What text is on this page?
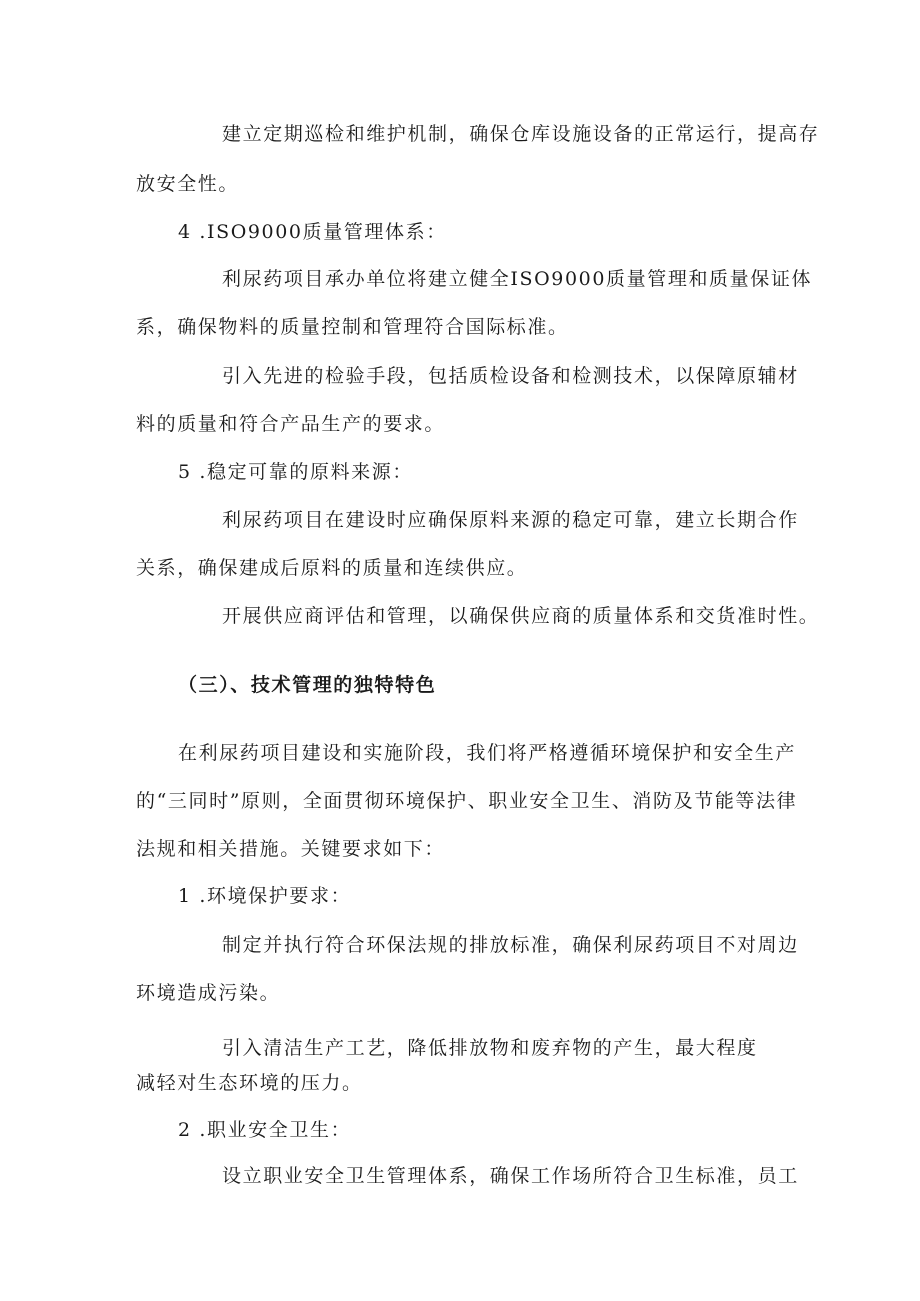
建立定期巡检和维护机制，确保仓库设施设备的正常运行，提高存
放安全性。
4 .ISO9000质量管理体系：
利尿药项目承办单位将建立健全ISO9000质量管理和质量保证体
系，确保物料的质量控制和管理符合国际标准。
引入先进的检验手段，包括质检设备和检测技术，以保障原辅材
料的质量和符合产品生产的要求。
5 .稳定可靠的原料来源：
利尿药项目在建设时应确保原料来源的稳定可靠，建立长期合作
关系，确保建成后原料的质量和连续供应。
开展供应商评估和管理，以确保供应商的质量体系和交货准时性。
（三）、技术管理的独特特色
在利尿药项目建设和实施阶段，我们将严格遵循环境保护和安全生产
的“三同时”原则，全面贯彻环境保护、职业安全卫生、消防及节能等法律
法规和相关措施。关键要求如下：
1 .环境保护要求：
制定并执行符合环保法规的排放标准，确保利尿药项目不对周边
环境造成污染。
引入清洁生产工艺，降低排放物和废弃物的产生，最大程度
减轻对生态环境的压力。
2 .职业安全卫生：
设立职业安全卫生管理体系，确保工作场所符合卫生标准，员工
